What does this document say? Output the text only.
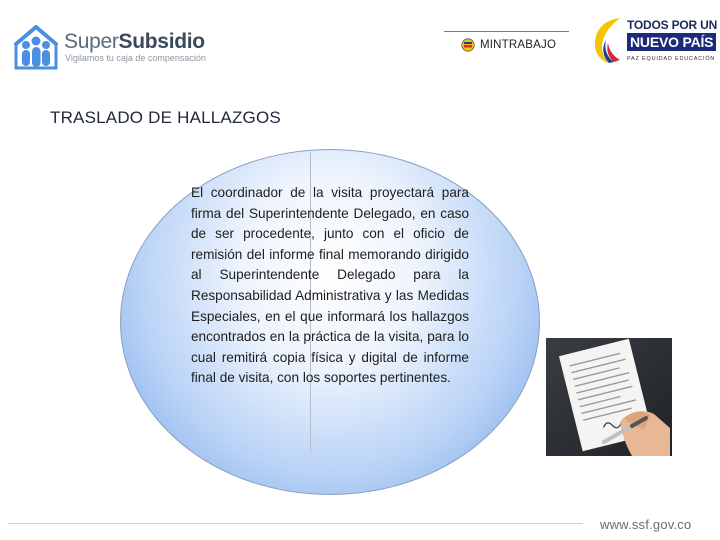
SuperSubsidio
Vigilamos tu caja de compensación
MINTRABAJO
TODOS POR UN
NUEVO PAÍS
PAZ EQUIDAD EDUCACIÓN
TRASLADO DE HALLAZGOS
El coordinador de la visita proyectará para firma del Superintendente Delegado, en caso de ser procedente, junto con el oficio de remisión del informe final memorando dirigido al Superintendente Delegado para la Responsabilidad Administrativa y las Medidas Especiales, en el que informará los hallazgos encontrados en la práctica de la visita, para lo cual remitirá copia física y digital de informe final de visita, con los soportes pertinentes.
www.ssf.gov.co
